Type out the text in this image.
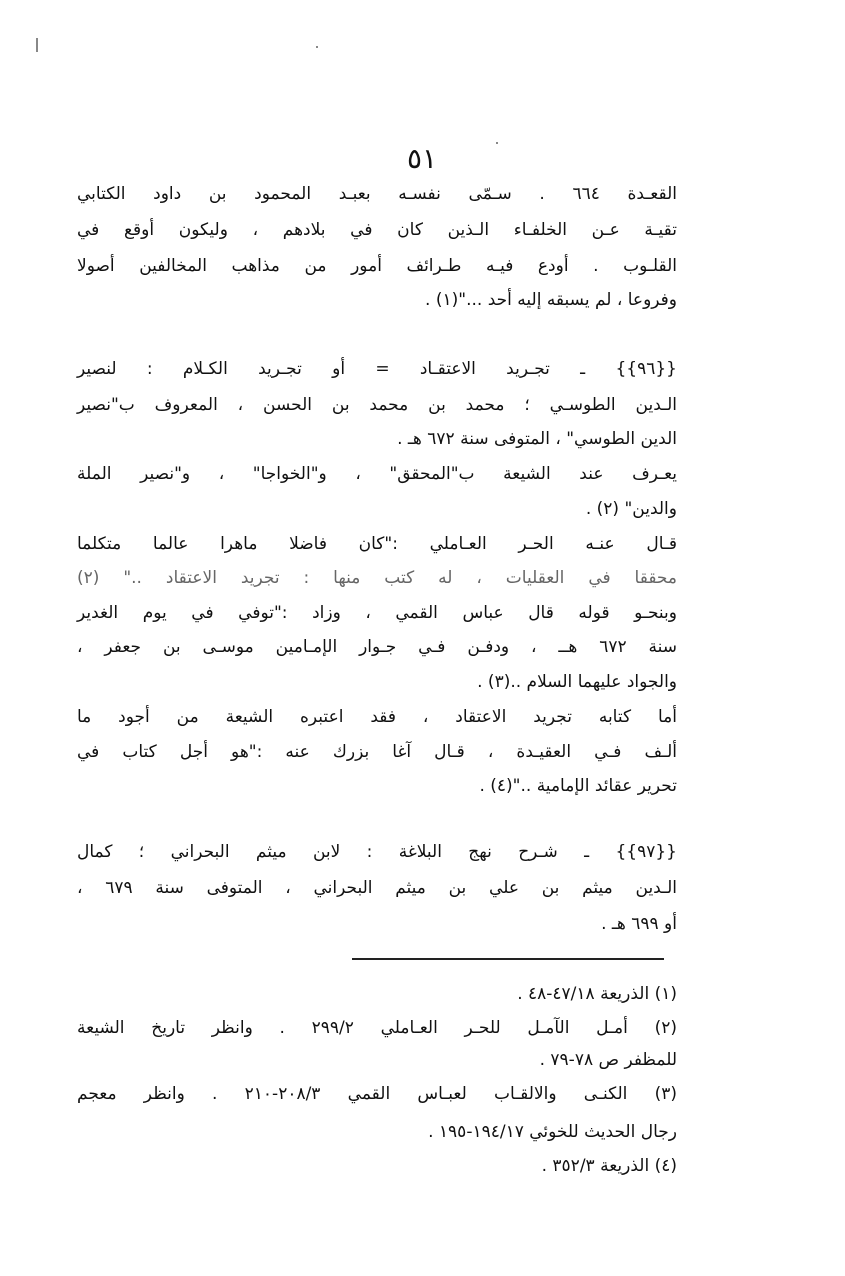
٥١
القعـدة ٦٦٤ . سـمّى نفسـه بعبـد المحمود بن داود الكتابي
تقيـة عـن الخلفـاء الـذين كان في بلادهم ، وليكون أوقع في
القلـوب . أودع فيـه طـرائف أمور من مذاهب المخالفين أصولا
وفروعا ، لم يسبقه إليه أحد ..."(١) .
{{٩٦}} ـ تجـريد الاعتقـاد = أو تجـريد الكـلام : لنصير
الـدين الطوسـي ؛ محمد بن محمد بن الحسن ، المعروف ب"نصير
الدين الطوسي" ، المتوفى سنة ٦٧٢ هـ .
يعـرف عند الشيعة ب"المحقق" ، و"الخواجا" ، و"نصير الملة
والدين" (٢) .
قـال عنـه الحـر العـاملي :"كان فاضلا ماهرا عالما متكلما
محققا في العقليات ، له كتب منها : تجريد الاعتقاد .." (٢)
وبنحـو قوله قال عباس القمي ، وزاد :"توفي في يوم الغدير
سنة ٦٧٢ هــ ، ودفـن فـي جـوار الإمـامين موسـى بن جعفر ،
والجواد عليهما السلام ..(٣) .
أما كتابه تجريد الاعتقاد ، فقد اعتبره الشيعة من أجود ما
ألـف فـي العقيـدة ، قـال آغا بزرك عنه :"هو أجل كتاب في
تحرير عقائد الإمامية .."(٤) .
{{٩٧}} ـ شـرح نهج البلاغة : لابن ميثم البحراني ؛ كمال
الـدين ميثم بن علي بن ميثم البحراني ، المتوفى سنة ٦٧٩ ،
أو ٦٩٩ هـ .
(١) الذريعة ٤٧/١٨-٤٨ .
(٢) أمـل الآمـل للحـر العـاملي ٢٩٩/٢ . وانظر تاريخ الشيعة
للمظفر ص ٧٨-٧٩ .
(٣) الكنـى والالقـاب لعبـاس القمي ٢٠٨/٣-٢١٠ . وانظر معجم
رجال الحديث للخوئي ١٩٤/١٧-١٩٥ .
(٤) الذريعة ٣٥٢/٣ .
